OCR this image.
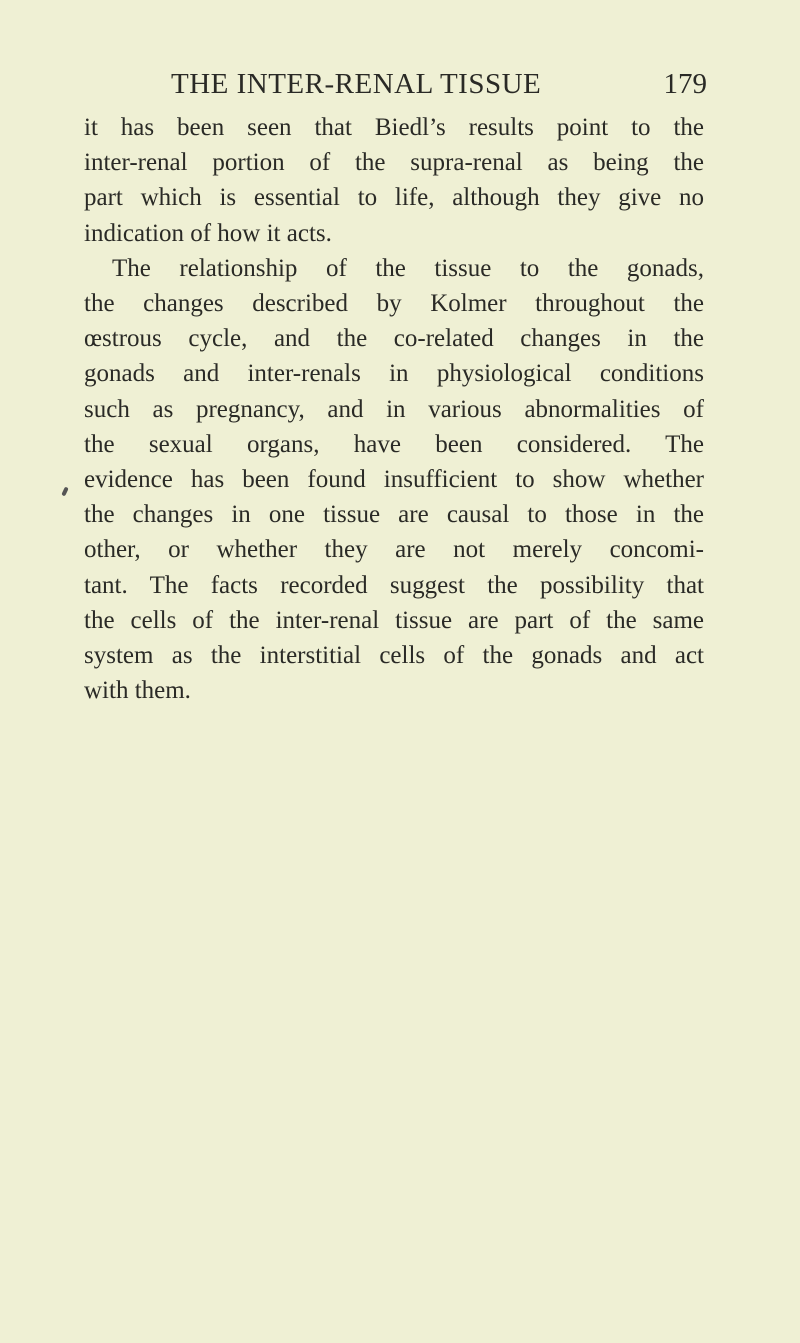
THE INTER-RENAL TISSUE	179

it has been seen that Biedl’s results point to the
inter-renal portion of the supra-renal as being the
part which is essential to life, although they give no
indication of how it acts.

The relationship of the tissue to the gonads,
the changes described by Kolmer throughout the
œstrous cycle, and the co-related changes in the
gonads and inter-renals in physiological conditions
such as pregnancy, and in various abnormalities of
the sexual organs, have been considered. The
evidence has been found insufficient to show whether
the changes in one tissue are causal to those in the
other, or whether they are not merely concomi-
tant. The facts recorded suggest the possibility that
the cells of the inter-renal tissue are part of the same
system as the interstitial cells of the gonads and act
with them.
